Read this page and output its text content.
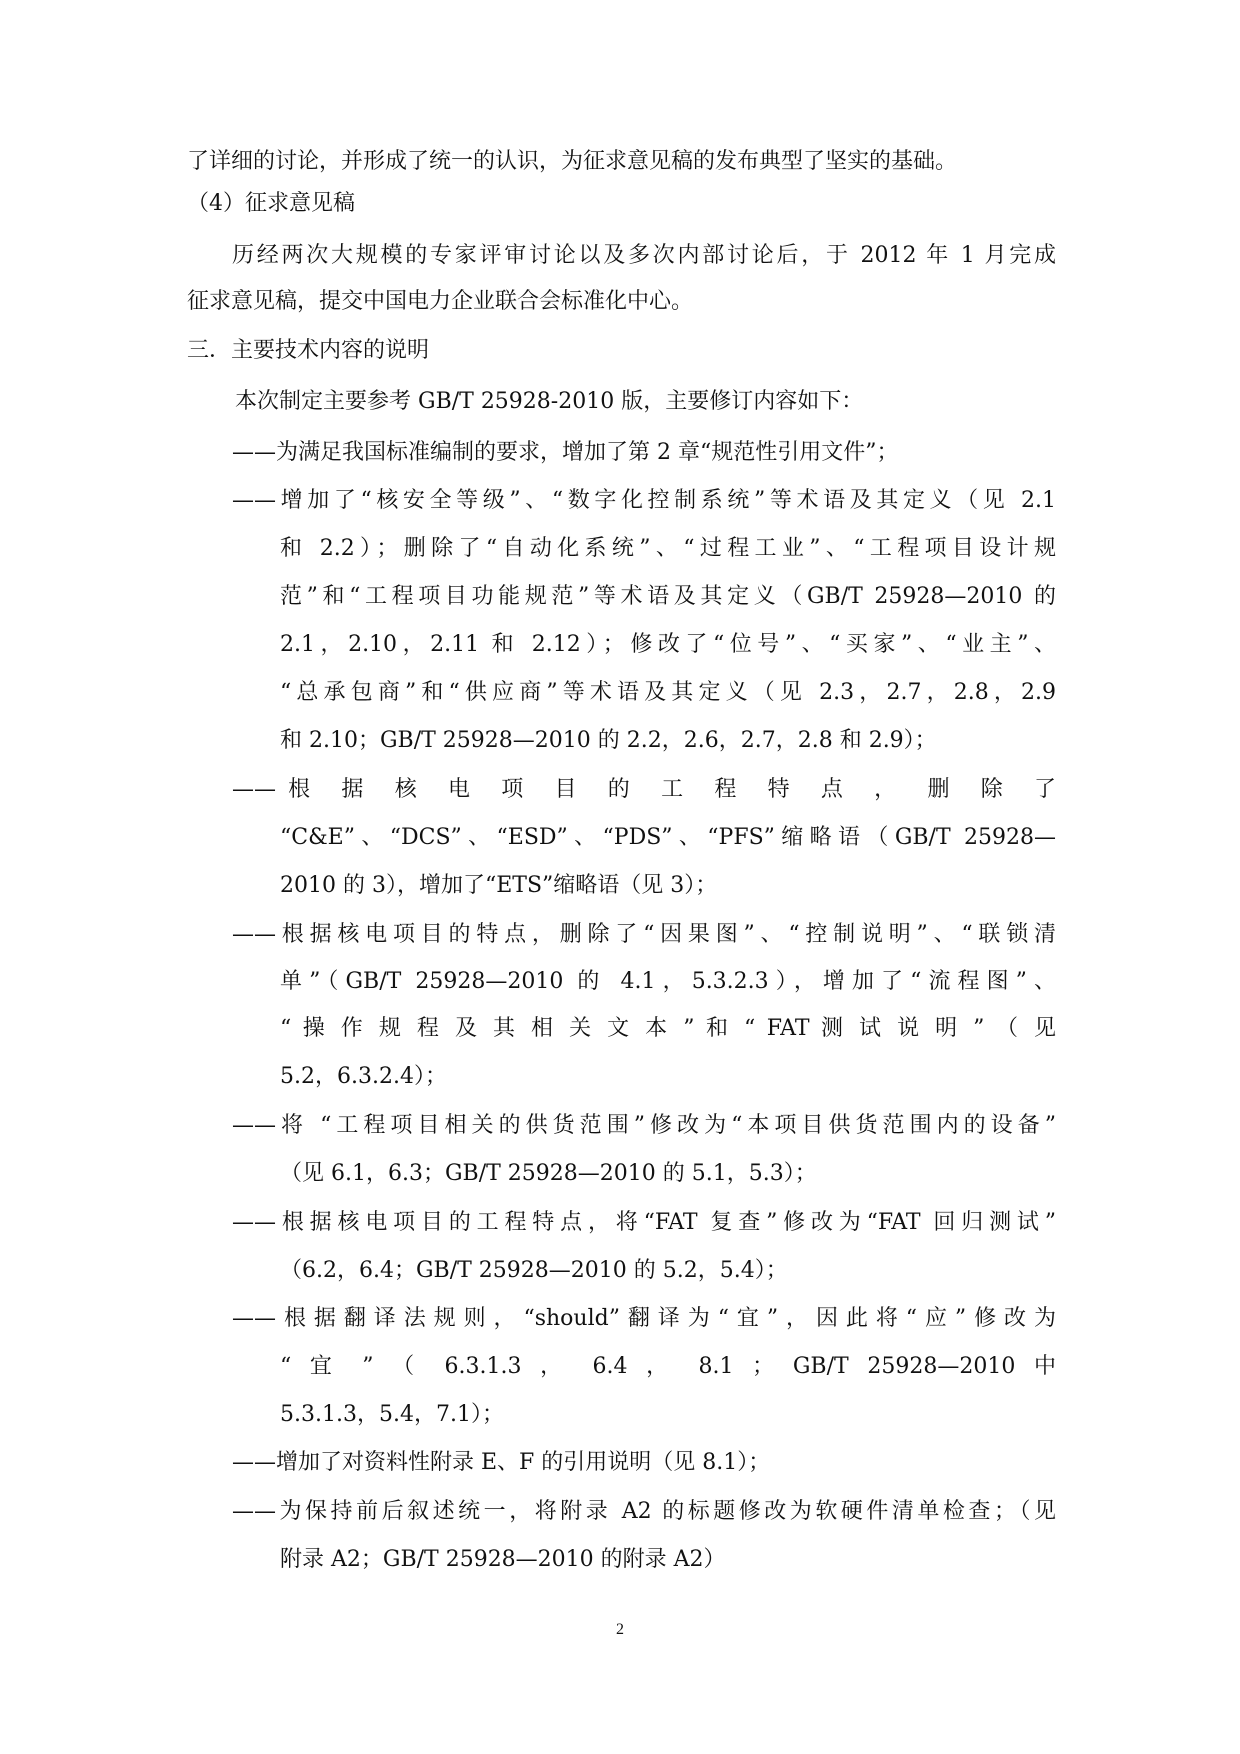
了详细的讨论，并形成了统一的认识，为征求意见稿的发布典型了坚实的基础。

（4）征求意见稿

历经两次大规模的专家评审讨论以及多次内部讨论后，于 2012 年 1 月完成

征求意见稿，提交中国电力企业联合会标准化中心。

三．主要技术内容的说明

本次制定主要参考 GB/T 25928-2010 版，主要修订内容如下：

——为满足我国标准编制的要求，增加了第 2 章“规范性引用文件”；

——增加了“核安全等级”、“数字化控制系统”等术语及其定义（见 2.1

和 2.2）；删除了“自动化系统”、“过程工业”、“工程项目设计规

范”和“工程项目功能规范”等术语及其定义（GB/T 25928—2010 的

2.1，2.10，2.11 和 2.12）；修改了“位号”、“买家”、“业主”、

“总承包商”和“供应商”等术语及其定义（见 2.3，2.7，2.8，2.9

和 2.10；GB/T 25928—2010 的 2.2，2.6，2.7，2.8 和 2.9）；

——根 据 核 电 项 目 的 工 程 特 点 ， 删 除 了

“C&E”、“DCS”、“ESD”、“PDS”、“PFS”缩略语（GB/T 25928—

2010 的 3），增加了“ETS”缩略语（见 3）；

——根据核电项目的特点，删除了“因果图”、“控制说明”、“联锁清

单”（GB/T 25928—2010 的 4.1，5.3.2.3），增加了“流程图”、

“ 操 作 规 程 及 其 相 关 文 本 ” 和 “ FAT 测 试 说 明 ” （ 见

5.2，6.3.2.4）；

——将 “工程项目相关的供货范围”修改为“本项目供货范围内的设备”

（见 6.1，6.3；GB/T 25928—2010 的 5.1，5.3）；

——根据核电项目的工程特点，将“FAT 复查”修改为“FAT 回归测试”

（6.2，6.4；GB/T 25928—2010 的 5.2，5.4）；

——根据翻译法规则，“should”翻译为“宜”，因此将“应”修改为

“ 宜 ” （ 6.3.1.3 ， 6.4 ， 8.1 ； GB/T 25928—2010 中

5.3.1.3，5.4，7.1）；

——增加了对资料性附录 E、F 的引用说明（见 8.1）；

——为保持前后叙述统一，将附录 A2 的标题修改为软硬件清单检查；（见

附录 A2；GB/T 25928—2010 的附录 A2）

2
